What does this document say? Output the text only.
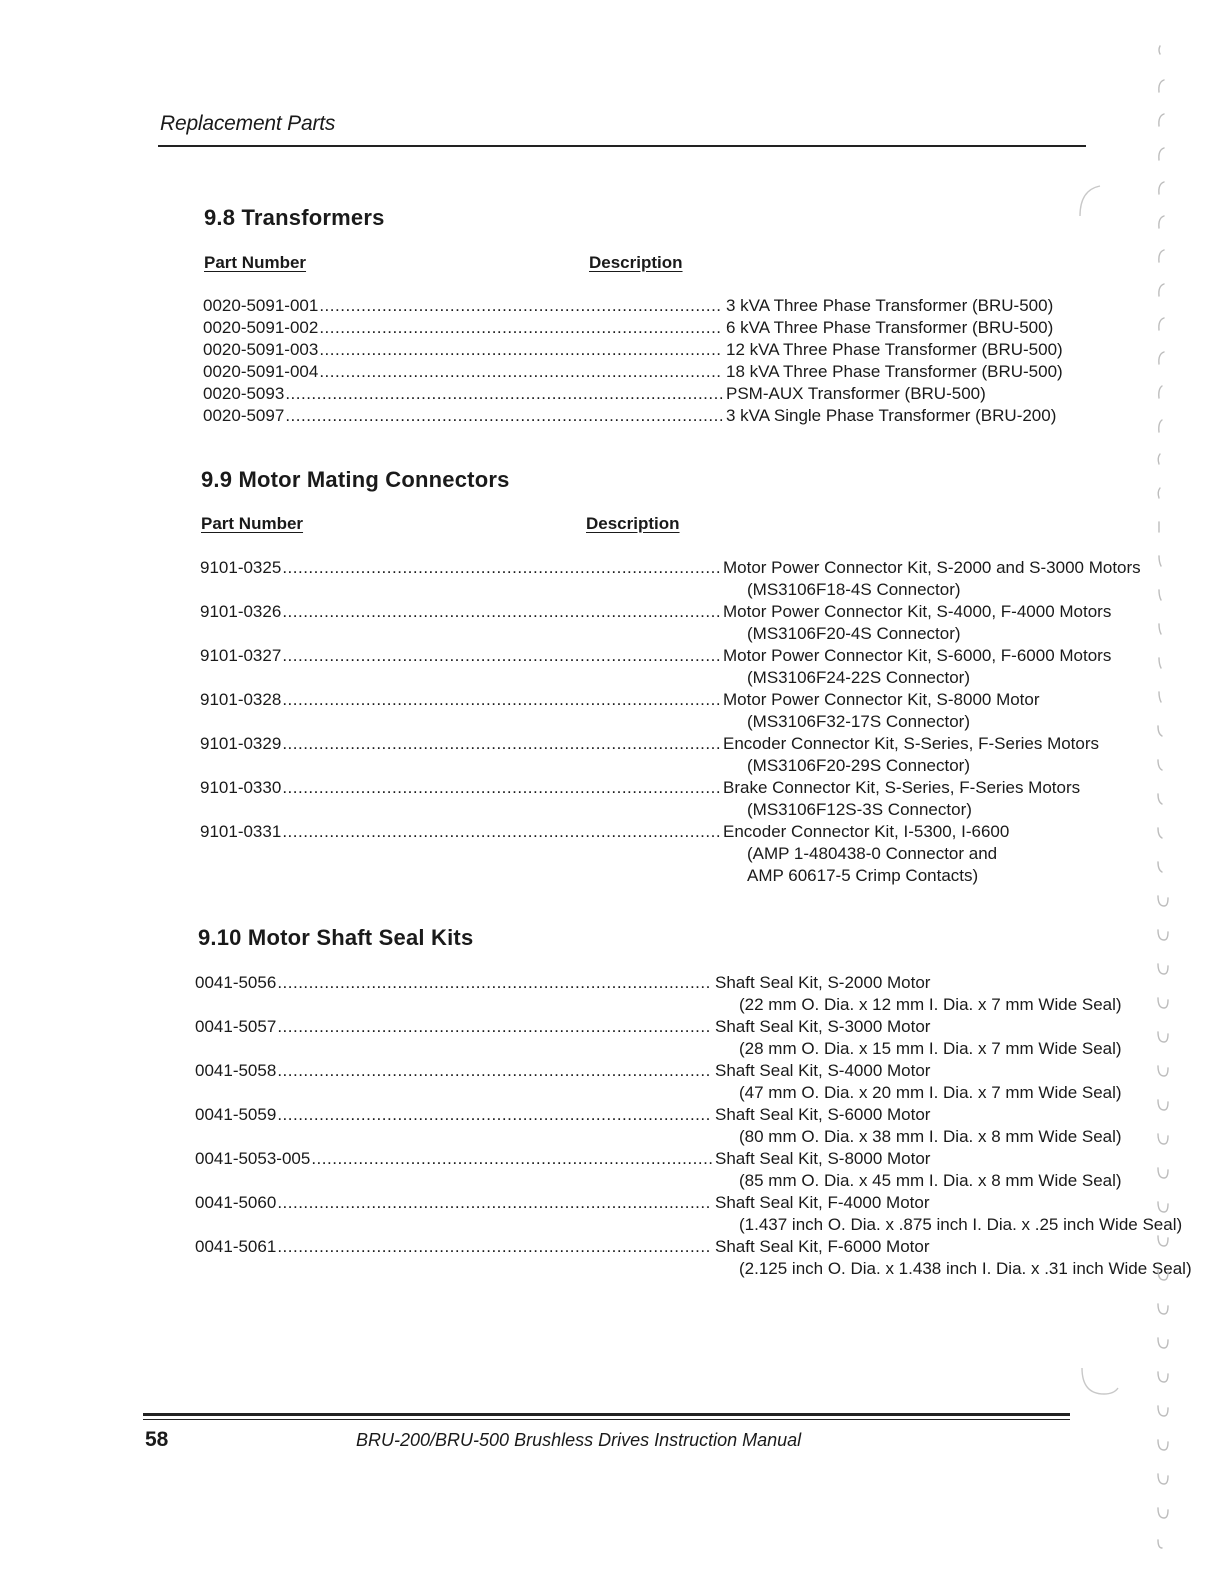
Replacement Parts
9.8 Transformers
Part Number	Description
0020-5091-001 .....	3 kVA Three Phase Transformer (BRU-500)
0020-5091-002 .....	6 kVA Three Phase Transformer (BRU-500)
0020-5091-003 .....	12 kVA Three Phase Transformer (BRU-500)
0020-5091-004 .....	18 kVA Three Phase Transformer (BRU-500)
0020-5093 .....	PSM-AUX Transformer (BRU-500)
0020-5097 .....	3 kVA Single Phase Transformer (BRU-200)
9.9 Motor Mating Connectors
Part Number	Description
9101-0325 .....	Motor Power Connector Kit, S-2000 and S-3000 Motors
(MS3106F18-4S Connector)
9101-0326 .....	Motor Power Connector Kit, S-4000, F-4000 Motors
(MS3106F20-4S Connector)
9101-0327 .....	Motor Power Connector Kit, S-6000, F-6000 Motors
(MS3106F24-22S Connector)
9101-0328 .....	Motor Power Connector Kit, S-8000 Motor
(MS3106F32-17S Connector)
9101-0329 .....	Encoder Connector Kit, S-Series, F-Series Motors
(MS3106F20-29S Connector)
9101-0330 .....	Brake Connector Kit, S-Series, F-Series Motors
(MS3106F12S-3S Connector)
9101-0331 .....	Encoder Connector Kit, I-5300, I-6600
(AMP 1-480438-0 Connector and
AMP 60617-5 Crimp Contacts)
9.10 Motor Shaft Seal Kits
0041-5056 .....	Shaft Seal Kit, S-2000 Motor
(22 mm O. Dia. x 12 mm I. Dia. x 7 mm Wide Seal)
0041-5057 .....	Shaft Seal Kit, S-3000 Motor
(28 mm O. Dia. x 15 mm I. Dia. x 7 mm Wide Seal)
0041-5058 .....	Shaft Seal Kit, S-4000 Motor
(47 mm O. Dia. x 20 mm I. Dia. x 7 mm Wide Seal)
0041-5059 .....	Shaft Seal Kit, S-6000 Motor
(80 mm O. Dia. x 38 mm I. Dia. x 8 mm Wide Seal)
0041-5053-005 .....	Shaft Seal Kit, S-8000 Motor
(85 mm O. Dia. x 45 mm I. Dia. x 8 mm Wide Seal)
0041-5060 .....	Shaft Seal Kit, F-4000 Motor
(1.437 inch O. Dia. x .875 inch I. Dia. x .25 inch Wide Seal)
0041-5061 .....	Shaft Seal Kit, F-6000 Motor
(2.125 inch O. Dia. x 1.438 inch I. Dia. x .31 inch Wide Seal)
58	BRU-200/BRU-500 Brushless Drives Instruction Manual
